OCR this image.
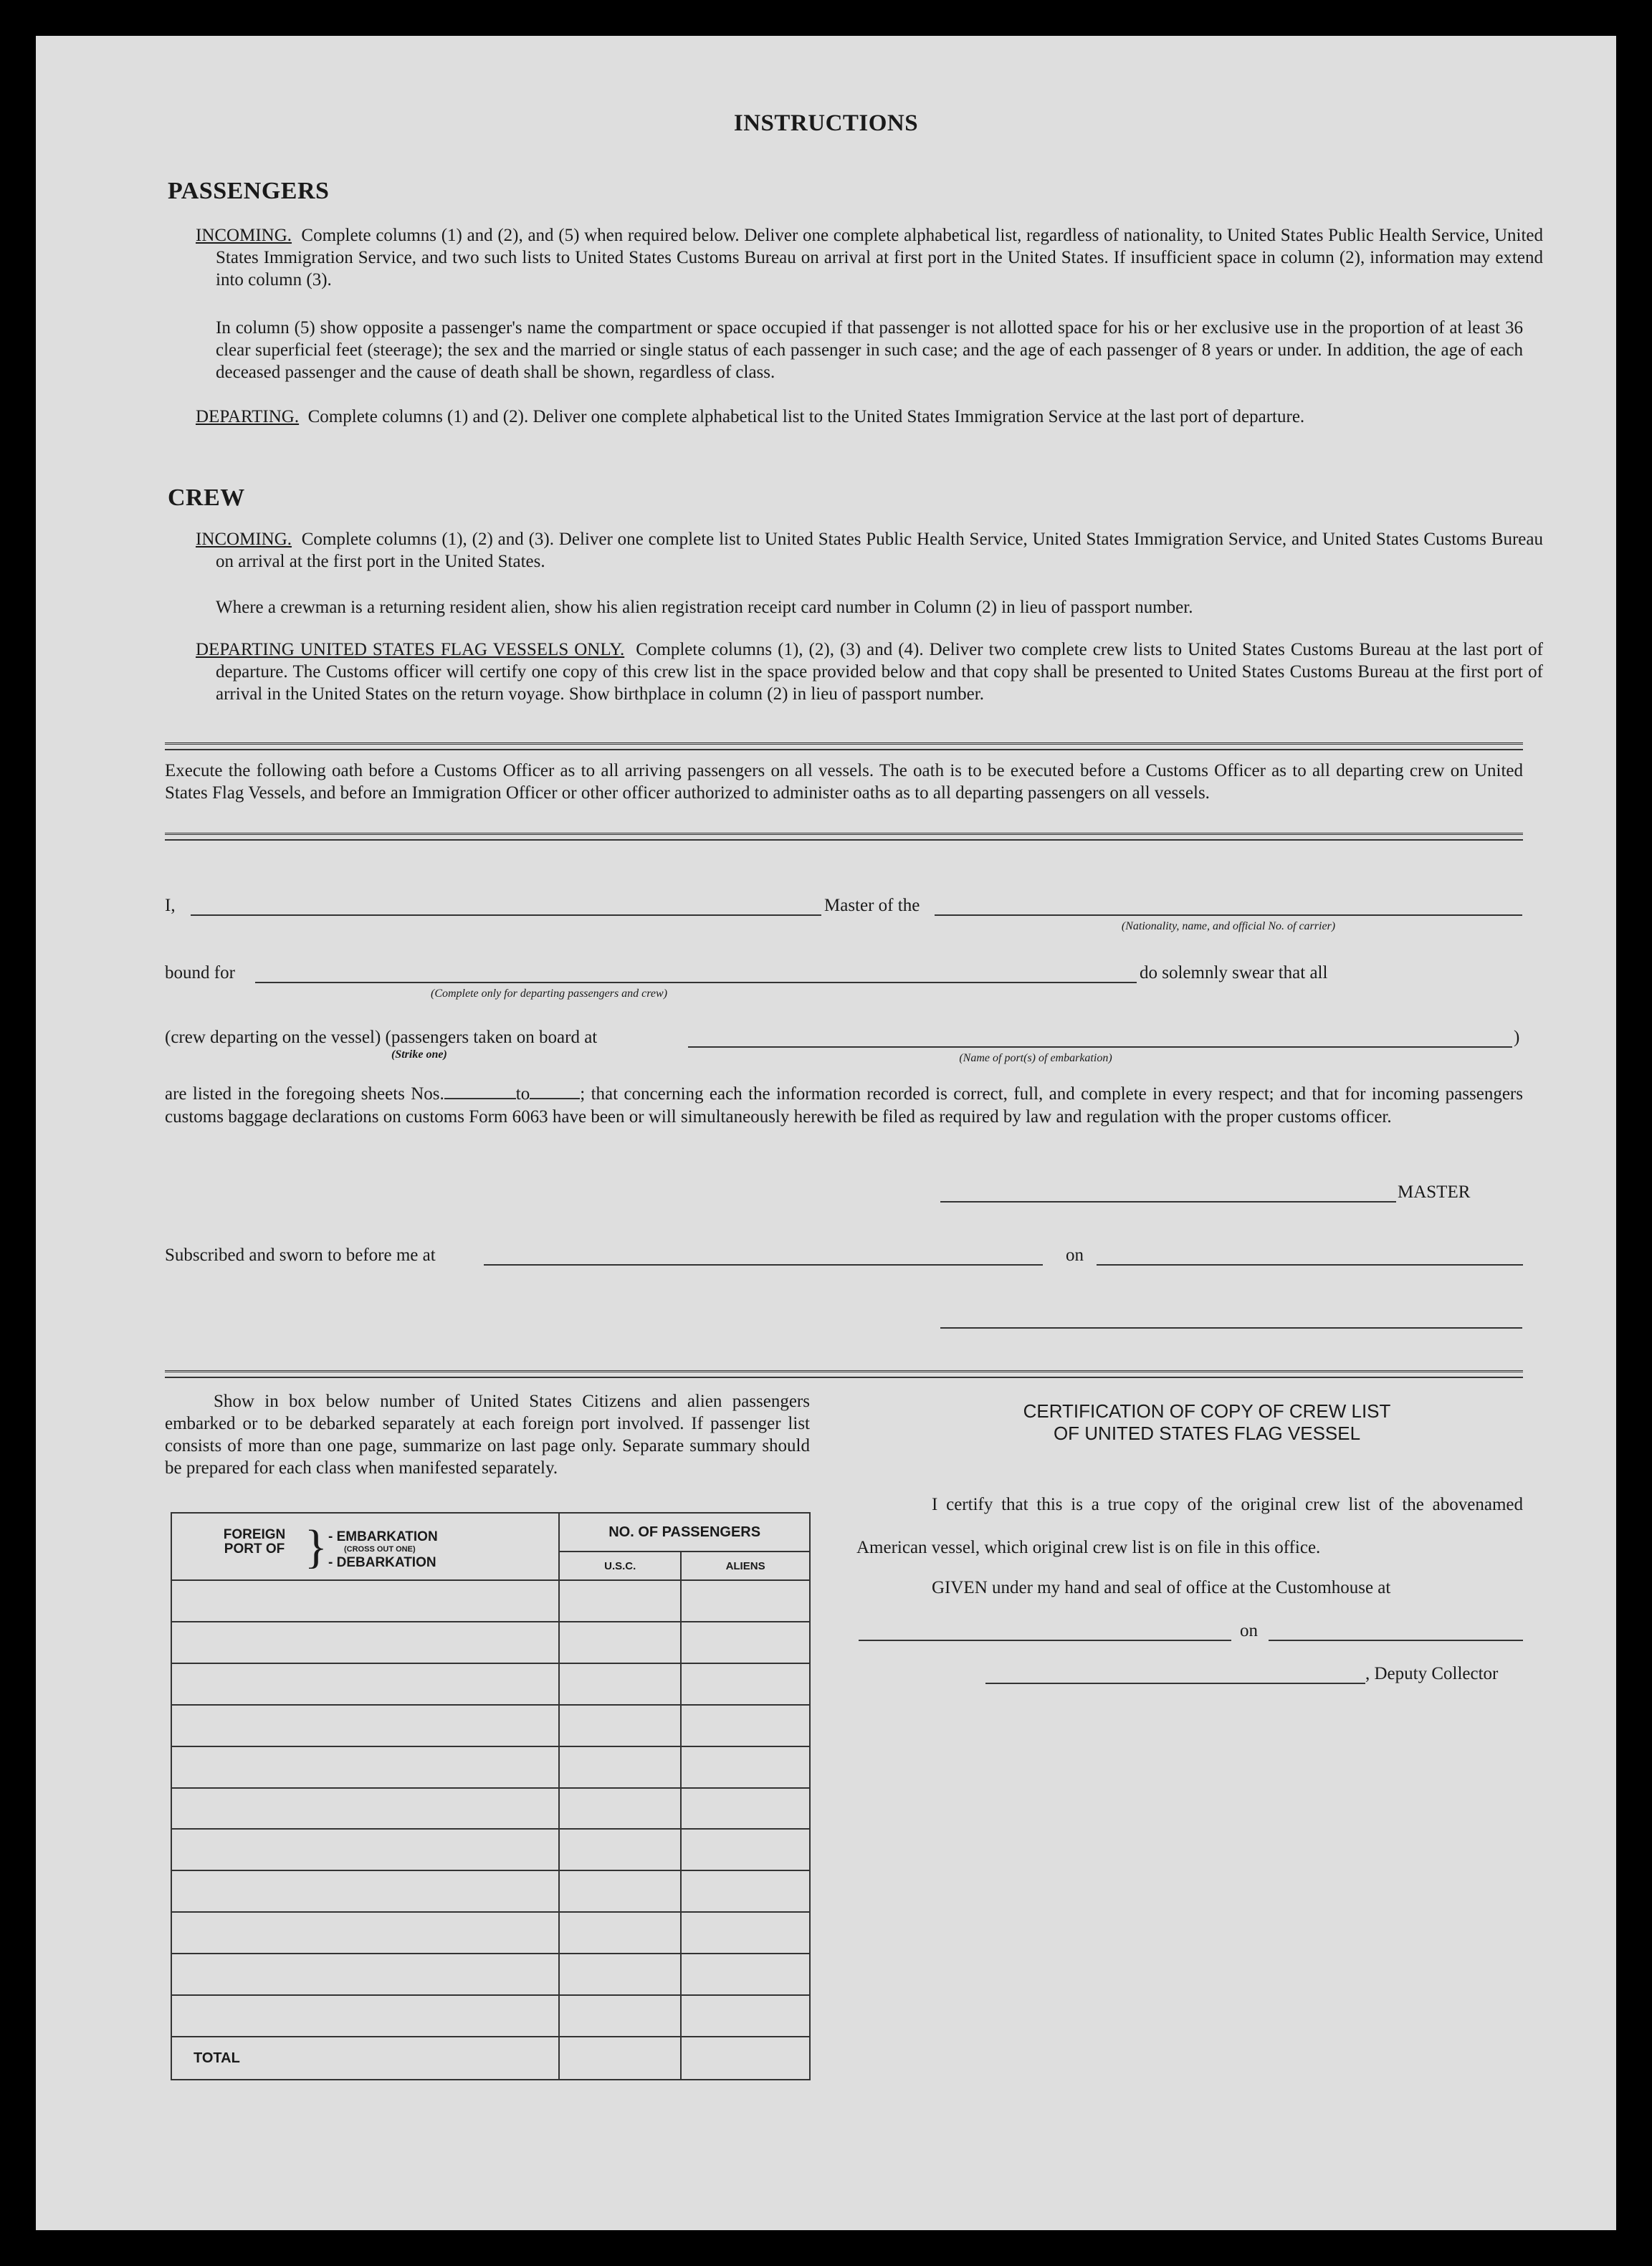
INSTRUCTIONS
PASSENGERS
INCOMING. Complete columns (1) and (2), and (5) when required below. Deliver one complete alphabetical list, regardless of nationality, to United States Public Health Service, United States Immigration Service, and two such lists to United States Customs Bureau on arrival at first port in the United States. If insufficient space in column (2), information may extend into column (3).
In column (5) show opposite a passenger's name the compartment or space occupied if that passenger is not allotted space for his or her exclusive use in the proportion of at least 36 clear superficial feet (steerage); the sex and the married or single status of each passenger in such case; and the age of each passenger of 8 years or under. In addition, the age of each deceased passenger and the cause of death shall be shown, regardless of class.
DEPARTING. Complete columns (1) and (2). Deliver one complete alphabetical list to the United States Immigration Service at the last port of departure.
CREW
INCOMING. Complete columns (1), (2) and (3). Deliver one complete list to United States Public Health Service, United States Immigration Service, and United States Customs Bureau on arrival at the first port in the United States.
Where a crewman is a returning resident alien, show his alien registration receipt card number in Column (2) in lieu of passport number.
DEPARTING UNITED STATES FLAG VESSELS ONLY. Complete columns (1), (2), (3) and (4). Deliver two complete crew lists to United States Customs Bureau at the last port of departure. The Customs officer will certify one copy of this crew list in the space provided below and that copy shall be presented to United States Customs Bureau at the first port of arrival in the United States on the return voyage. Show birthplace in column (2) in lieu of passport number.
Execute the following oath before a Customs Officer as to all arriving passengers on all vessels. The oath is to be executed before a Customs Officer as to all departing crew on United States Flag Vessels, and before an Immigration Officer or other officer authorized to administer oaths as to all departing passengers on all vessels.
I,	Master of the
(Nationality, name, and official No. of carrier)
bound for
(Complete only for departing passengers and crew)
do solemnly swear that all
(crew departing on the vessel) (passengers taken on board at
(Strike one)	(Name of port(s) of embarkation)
)
are listed in the foregoing sheets Nos.	to	; that concerning each the information recorded is correct, full, and complete in every respect; and that for incoming passengers customs baggage declarations on customs Form 6063 have been or will simultaneously herewith be filed as required by law and regulation with the proper customs officer.
MASTER
Subscribed and sworn to before me at	on
Show in box below number of United States Citizens and alien passengers embarked or to be debarked separately at each foreign port involved. If passenger list consists of more than one page, summarize on last page only. Separate summary should be prepared for each class when manifested separately.
FOREIGN PORT OF } - EMBARKATION
(CROSS OUT ONE)
- DEBARKATION	NO. OF PASSENGERS	
	U.S.C.	ALIENS

TOTAL		
CERTIFICATION OF COPY OF CREW LIST
OF UNITED STATES FLAG VESSEL
I certify that this is a true copy of the original crew list of the abovenamed American vessel, which original crew list is on file in this office.
GIVEN under my hand and seal of office at the Customhouse at
on
, Deputy Collector
